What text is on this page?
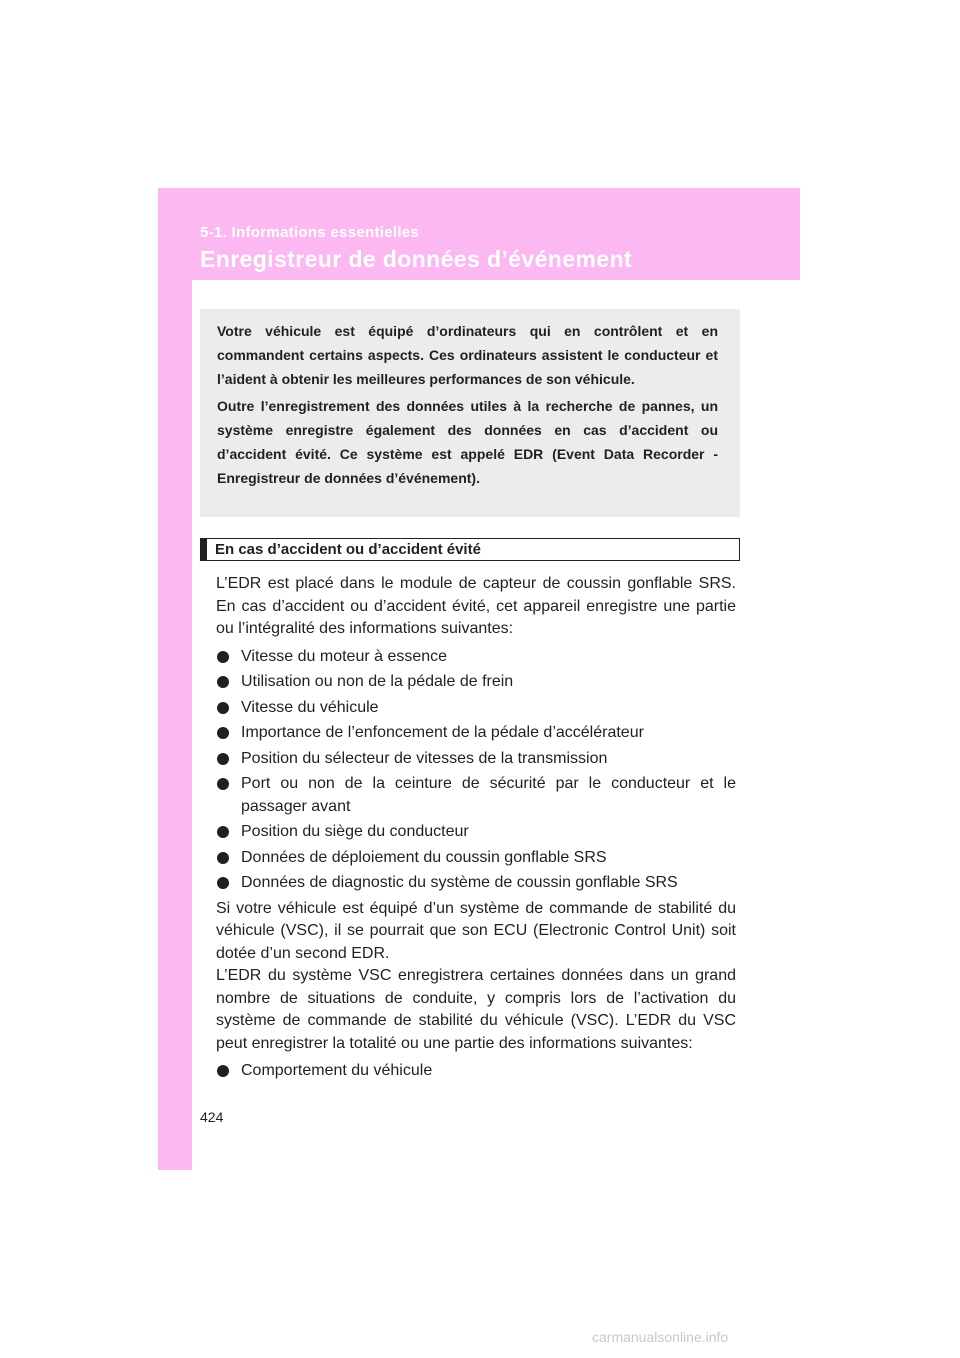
5-1. Informations essentielles
Enregistreur de données d’événement

Votre véhicule est équipé d’ordinateurs qui en contrôlent et en commandent certains aspects. Ces ordinateurs assistent le conducteur et l’aident à obtenir les meilleures performances de son véhicule.

Outre l’enregistrement des données utiles à la recherche de pannes, un système enregistre également des données en cas d’accident ou d’accident évité. Ce système est appelé EDR (Event Data Recorder - Enregistreur de données d’événement).

En cas d’accident ou d’accident évité

L’EDR est placé dans le module de capteur de coussin gonflable SRS. En cas d’accident ou d’accident évité, cet appareil enregistre une partie ou l’intégralité des informations suivantes:

Vitesse du moteur à essence
Utilisation ou non de la pédale de frein
Vitesse du véhicule
Importance de l’enfoncement de la pédale d’accélérateur
Position du sélecteur de vitesses de la transmission
Port ou non de la ceinture de sécurité par le conducteur et le passager avant
Position du siège du conducteur
Données de déploiement du coussin gonflable SRS
Données de diagnostic du système de coussin gonflable SRS

Si votre véhicule est équipé d’un système de commande de stabilité du véhicule (VSC), il se pourrait que son ECU (Electronic Control Unit) soit dotée d’un second EDR.

L’EDR du système VSC enregistrera certaines données dans un grand nombre de situations de conduite, y compris lors de l’activation du système de commande de stabilité du véhicule (VSC). L’EDR du VSC peut enregistrer la totalité ou une partie des informations suivantes:

Comportement du véhicule
424
carmanualsonline.info
